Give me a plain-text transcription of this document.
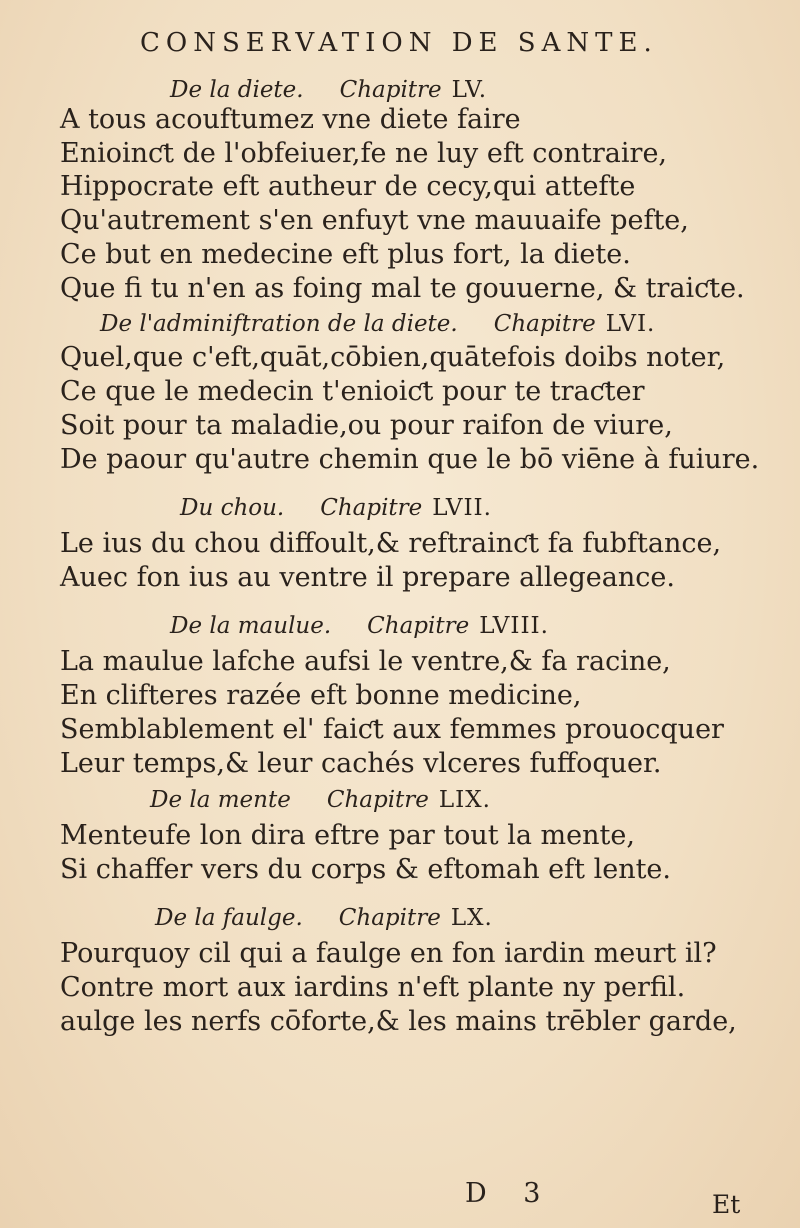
CONSERVATION DE SANTE.
De la diete. Chapitre LV.
A tous acouftumez vne diete faire
Enioinƈt de l'obfeiuer,fe ne luy eft contraire,
Hippocrate eft autheur de cecy,qui attefte
Qu'autrement s'en enfuyt vne mauuaife pefte,
Ce but en medecine eft plus fort, la diete.
Que fi tu n'en as foing mal te gouuerne, & traiƈte.
De l'adminiftration de la diete. Chapitre LVI.
Quel,que c'eft,quāt,cōbien,quātefois doibs noter,
Ce que le medecin t'enioiƈt pour te traƈter
Soit pour ta maladie,ou pour raifon de viure,
De paour qu'autre chemin que le bō viēne à fuiure.
Du chou. Chapitre LVII.
Le ius du chou diffoult,& reftrainƈt fa fubftance,
Auec fon ius au ventre il prepare allegeance.
De la maulue. Chapitre LVIII.
La maulue lafche aufsi le ventre,& fa racine,
En clifteres razée eft bonne medicine,
Semblablement el' faiƈt aux femmes prouocquer
Leur temps,& leur cachés vlceres fuffoquer.
De la mente Chapitre LIX.
Menteufe lon dira eftre par tout la mente,
Si chaffer vers du corps & eftomah eft lente.
De la faulge. Chapitre LX.
Pourquoy cil qui a faulge en fon iardin meurt il?
Contre mort aux iardins n'eft plante ny perfil.
aulge les nerfs cōforte,& les mains trēbler garde,
D 3	Et
